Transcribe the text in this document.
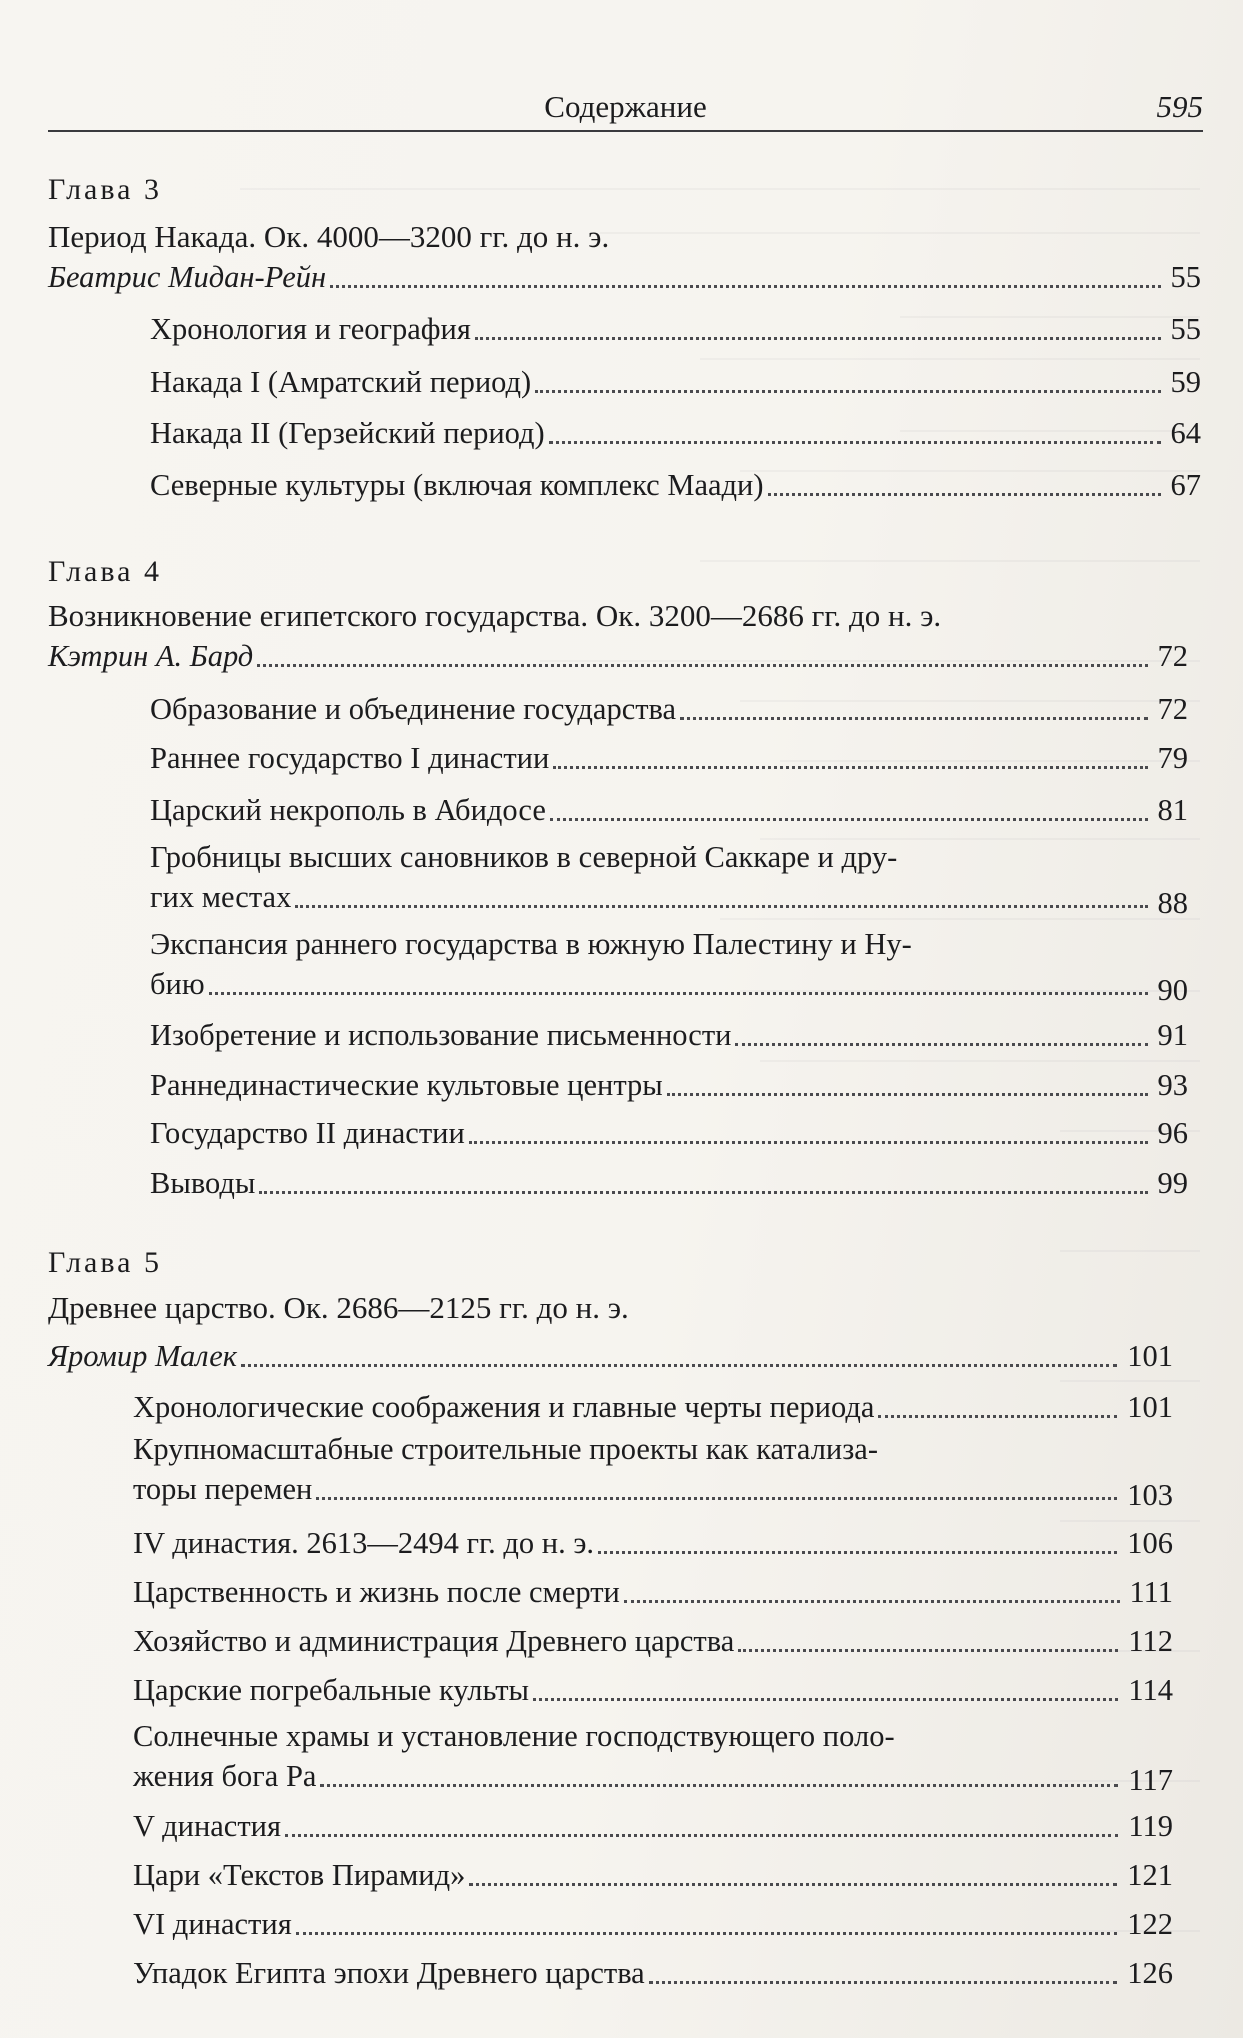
Содержание	595
Глава 3
Период Накада. Ок. 4000—3200 гг. до н. э.
Беатрис Мидан-Рейн	55
Хронология и география	55
Накада I (Амратский период)	59
Накада II (Герзейский период)	64
Северные культуры (включая комплекс Маади)	67
Глава 4
Возникновение египетского государства. Ок. 3200—2686 гг. до н. э.
Кэтрин А. Бард	72
Образование и объединение государства	72
Раннее государство I династии	79
Царский некрополь в Абидосе	81
Гробницы высших сановников в северной Саккаре и дру-
гих местах	88
Экспансия раннего государства в южную Палестину и Ну-
бию	90
Изобретение и использование письменности	91
Раннединастические культовые центры	93
Государство II династии	96
Выводы	99
Глава 5
Древнее царство. Ок. 2686—2125 гг. до н. э.
Яромир Малек	101
Хронологические соображения и главные черты периода	101
Крупномасштабные строительные проекты как катализа-
торы перемен	103
IV династия. 2613—2494 гг. до н. э.	106
Царственность и жизнь после смерти	111
Хозяйство и администрация Древнего царства	112
Царские погребальные культы	114
Солнечные храмы и установление господствующего поло-
жения бога Ра	117
V династия	119
Цари «Текстов Пирамид»	121
VI династия	122
Упадок Египта эпохи Древнего царства	126
